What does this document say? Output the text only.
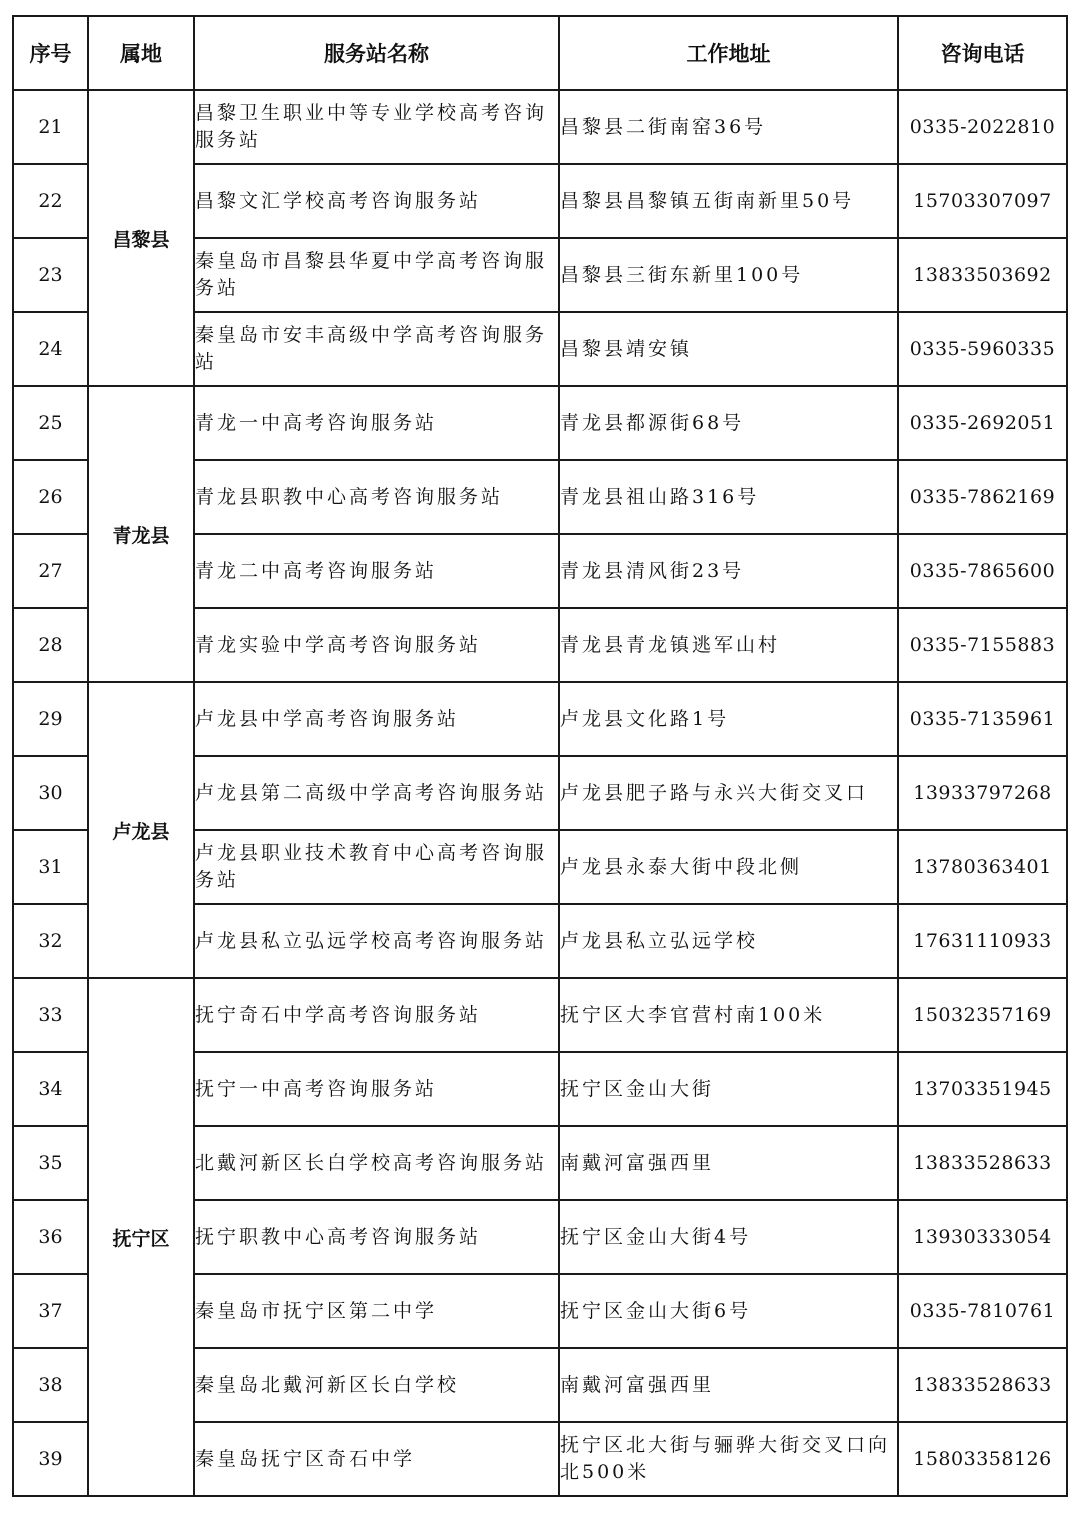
序号	属地	服务站名称	工作地址	咨询电话
21	昌黎县	昌黎卫生职业中等专业学校高考咨询服务站	昌黎县二街南窑36号	0335-2022810
22		昌黎文汇学校高考咨询服务站	昌黎县昌黎镇五街南新里50号	15703307097
23		秦皇岛市昌黎县华夏中学高考咨询服务站	昌黎县三街东新里100号	13833503692
24		秦皇岛市安丰高级中学高考咨询服务站	昌黎县靖安镇	0335-5960335
25	青龙县	青龙一中高考咨询服务站	青龙县都源街68号	0335-2692051
26		青龙县职教中心高考咨询服务站	青龙县祖山路316号	0335-7862169
27		青龙二中高考咨询服务站	青龙县清风街23号	0335-7865600
28		青龙实验中学高考咨询服务站	青龙县青龙镇逃军山村	0335-7155883
29	卢龙县	卢龙县中学高考咨询服务站	卢龙县文化路1号	0335-7135961
30		卢龙县第二高级中学高考咨询服务站	卢龙县肥子路与永兴大街交叉口	13933797268
31		卢龙县职业技术教育中心高考咨询服务站	卢龙县永泰大街中段北侧	13780363401
32		卢龙县私立弘远学校高考咨询服务站	卢龙县私立弘远学校	17631110933
33	抚宁区	抚宁奇石中学高考咨询服务站	抚宁区大李官营村南100米	15032357169
34		抚宁一中高考咨询服务站	抚宁区金山大街	13703351945
35		北戴河新区长白学校高考咨询服务站	南戴河富强西里	13833528633
36		抚宁职教中心高考咨询服务站	抚宁区金山大街4号	13930333054
37		秦皇岛市抚宁区第二中学	抚宁区金山大街6号	0335-7810761
38		秦皇岛北戴河新区长白学校	南戴河富强西里	13833528633
39		秦皇岛抚宁区奇石中学	抚宁区北大街与骊骅大街交叉口向北500米	15803358126
